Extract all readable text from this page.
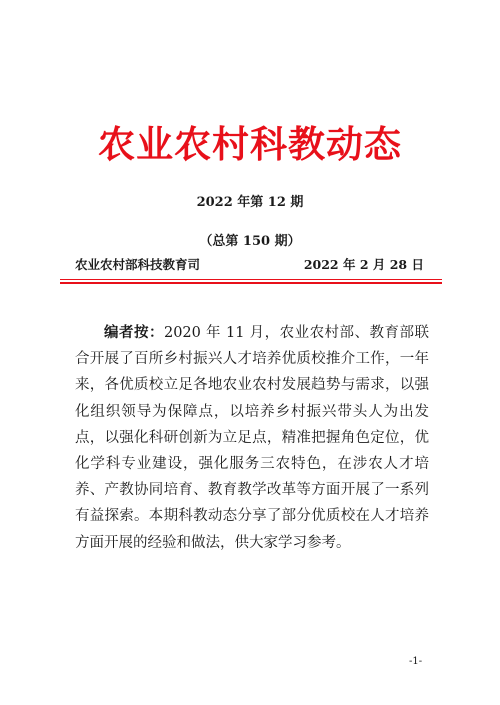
农业农村科教动态
2022 年第 12 期
（总第 150 期）
农业农村部科技教育司	2022 年 2 月 28 日

编者按：2020 年 11 月，农业农村部、教育部联合开展了百所乡村振兴人才培养优质校推介工作，一年来，各优质校立足各地农业农村发展趋势与需求，以强化组织领导为保障点，以培养乡村振兴带头人为出发点，以强化科研创新为立足点，精准把握角色定位，优化学科专业建设，强化服务三农特色，在涉农人才培养、产教协同培育、教育教学改革等方面开展了一系列有益探索。本期科教动态分享了部分优质校在人才培养方面开展的经验和做法，供大家学习参考。

-1-
